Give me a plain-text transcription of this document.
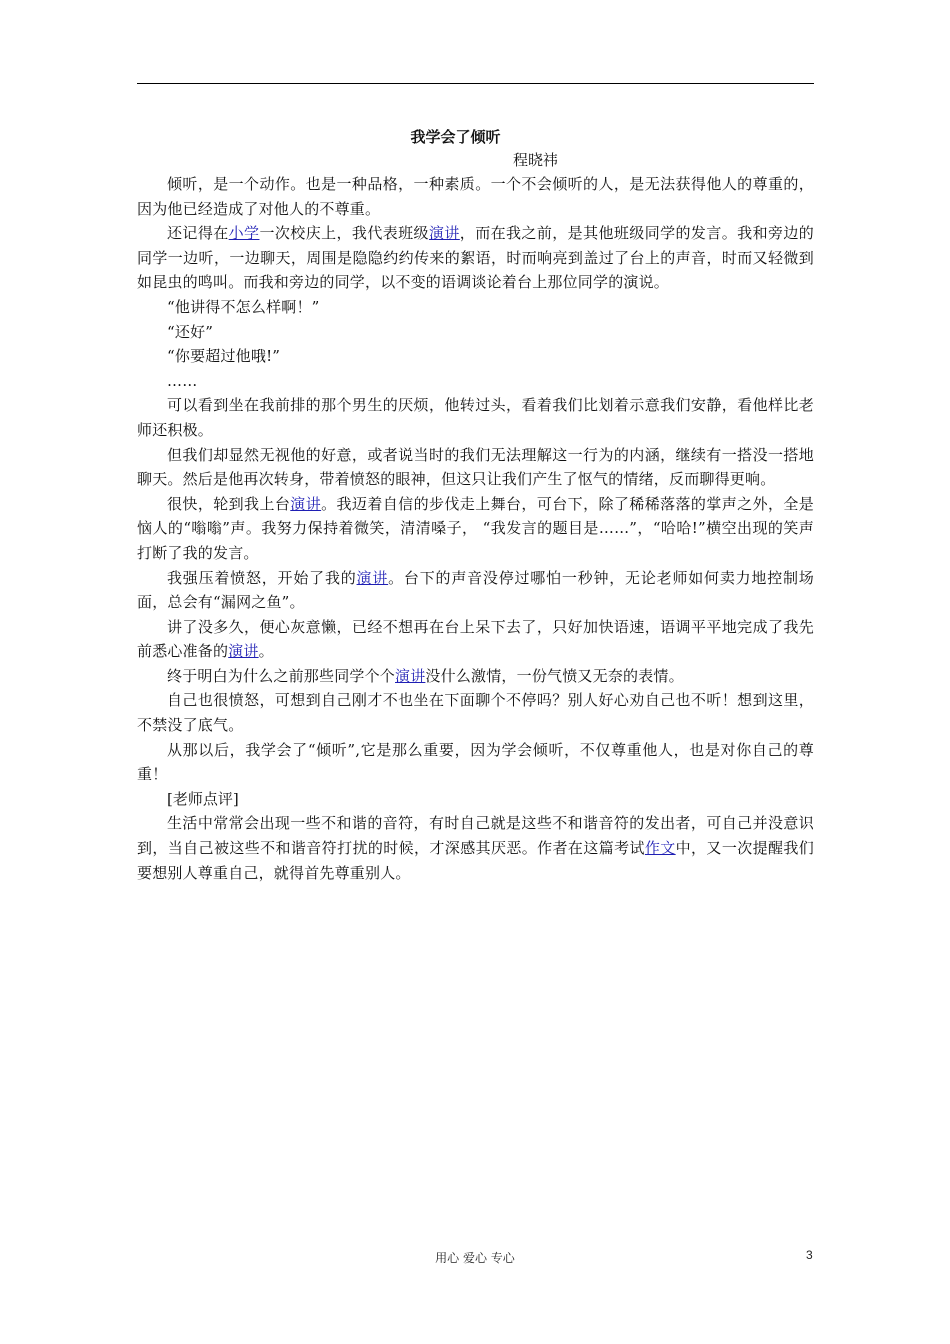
我学会了倾听

程晓祎

倾听，是一个动作。也是一种品格，一种素质。一个不会倾听的人，是无法获得他人的尊重的，因为他已经造成了对他人的不尊重。

还记得在小学一次校庆上，我代表班级演讲，而在我之前，是其他班级同学的发言。我和旁边的同学一边听，一边聊天，周围是隐隐约约传来的絮语，时而响亮到盖过了台上的声音，时而又轻微到如昆虫的鸣叫。而我和旁边的同学，以不变的语调谈论着台上那位同学的演说。

“他讲得不怎么样啊！”

“还好”

“你要超过他哦!”

……

可以看到坐在我前排的那个男生的厌烦，他转过头，看着我们比划着示意我们安静，看他样比老师还积极。

但我们却显然无视他的好意，或者说当时的我们无法理解这一行为的内涵，继续有一搭没一搭地聊天。然后是他再次转身，带着愤怒的眼神，但这只让我们产生了怄气的情绪，反而聊得更响。

很快，轮到我上台演讲。我迈着自信的步伐走上舞台，可台下，除了稀稀落落的掌声之外，全是恼人的“嗡嗡”声。我努力保持着微笑，清清嗓子， “我发言的题目是……”，“哈哈!”横空出现的笑声打断了我的发言。

我强压着愤怒，开始了我的演讲。台下的声音没停过哪怕一秒钟，无论老师如何卖力地控制场面，总会有“漏网之鱼”。

讲了没多久，便心灰意懒，已经不想再在台上呆下去了，只好加快语速，语调平平地完成了我先前悉心准备的演讲。

终于明白为什么之前那些同学个个演讲没什么激情，一份气愤又无奈的表情。

自己也很愤怒，可想到自己刚才不也坐在下面聊个不停吗？别人好心劝自己也不听！想到这里，不禁没了底气。

从那以后，我学会了“倾听”,它是那么重要，因为学会倾听，不仅尊重他人，也是对你自己的尊重！

[老师点评]

生活中常常会出现一些不和谐的音符，有时自己就是这些不和谐音符的发出者，可自己并没意识到，当自己被这些不和谐音符打扰的时候，才深感其厌恶。作者在这篇考试作文中，又一次提醒我们要想别人尊重自己，就得首先尊重别人。

用心 爱心 专心	3
